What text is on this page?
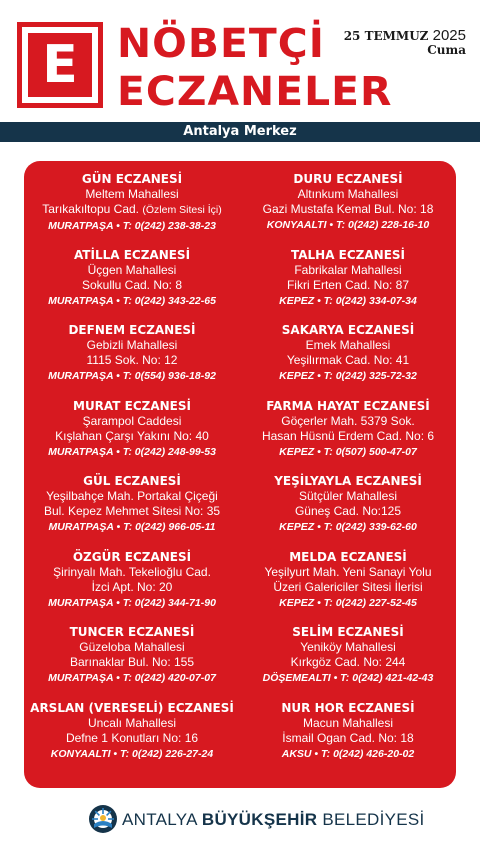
E NÖBETÇİ
ECZANELER
25 TEMMUZ 2025
Cuma
Antalya Merkez
GÜN ECZANESİ
Meltem Mahallesi
Tarıkakıltopu Cad. (Özlem Sitesi İçi)
MURATPAŞA • T: 0(242) 238-38-23
ATİLLA ECZANESİ
Üçgen Mahallesi
Sokullu Cad. No: 8
MURATPAŞA • T: 0(242) 343-22-65
DEFNEM ECZANESİ
Gebizli Mahallesi
1115 Sok. No: 12
MURATPAŞA • T: 0(554) 936-18-92
MURAT ECZANESİ
Şarampol Caddesi
Kışlahan Çarşı Yakını No: 40
MURATPAŞA • T: 0(242) 248-99-53
GÜL ECZANESİ
Yeşilbahçe Mah. Portakal Çiçeği
Bul. Kepez Mehmet Sitesi No: 35
MURATPAŞA • T: 0(242) 966-05-11
ÖZGÜR ECZANESİ
Şirinyalı Mah. Tekelioğlu Cad.
İzci Apt. No: 20
MURATPAŞA • T: 0(242) 344-71-90
TUNCER ECZANESİ
Güzeloba Mahallesi
Barınaklar Bul. No: 155
MURATPAŞA • T: 0(242) 420-07-07
ARSLAN (VERESELİ) ECZANESİ
Uncalı Mahallesi
Defne 1 Konutları No: 16
KONYAALTI • T: 0(242) 226-27-24
DURU ECZANESİ
Altınkum Mahallesi
Gazi Mustafa Kemal Bul. No: 18
KONYAALTI • T: 0(242) 228-16-10
TALHA ECZANESİ
Fabrikalar Mahallesi
Fikri Erten Cad. No: 87
KEPEZ • T: 0(242) 334-07-34
SAKARYA ECZANESİ
Emek Mahallesi
Yeşilırmak Cad. No: 41
KEPEZ • T: 0(242) 325-72-32
FARMA HAYAT ECZANESİ
Göçerler Mah. 5379 Sok.
Hasan Hüsnü Erdem Cad. No: 6
KEPEZ • T: 0(507) 500-47-07
YEŞİLYAYLA ECZANESİ
Sütçüler Mahallesi
Güneş Cad. No:125
KEPEZ • T: 0(242) 339-62-60
MELDA ECZANESİ
Yeşilyurt Mah. Yeni Sanayi Yolu
Üzeri Galericiler Sitesi İlerisi
KEPEZ • T: 0(242) 227-52-45
SELİM ECZANESİ
Yeniköy Mahallesi
Kırkgöz Cad. No: 244
DÖŞEMEALTI • T: 0(242) 421-42-43
NUR HOR ECZANESİ
Macun Mahallesi
İsmail Ogan Cad. No: 18
AKSU • T: 0(242) 426-20-02
ANTALYA BÜYÜKŞEHİR BELEDİYESİ
